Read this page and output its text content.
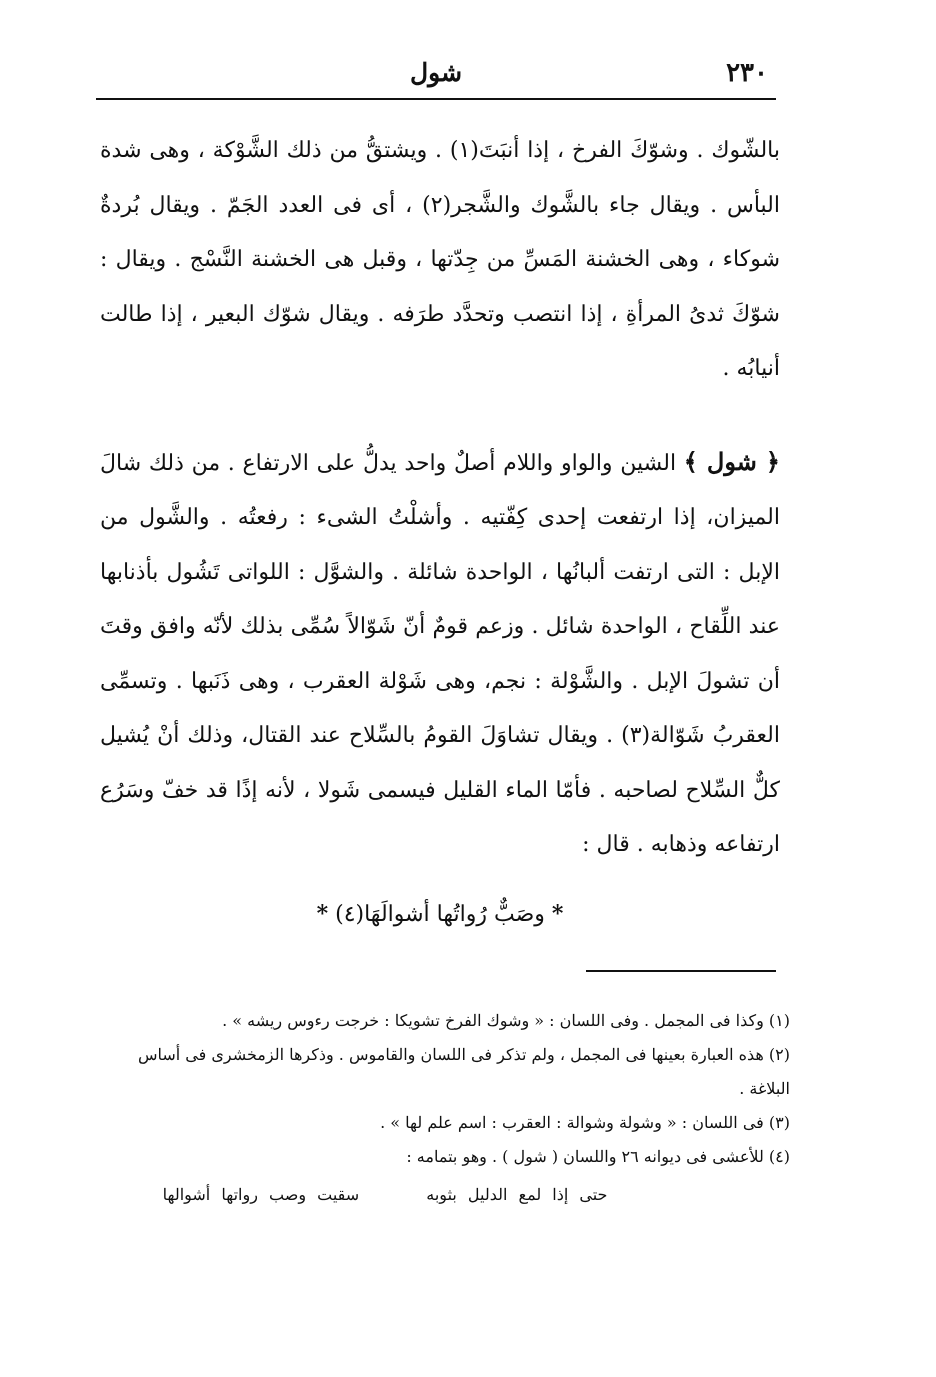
٢٣٠
شول

بالشّوك . وشوّكَ الفرخ ، إذا أنبَتَ(١) . ويشتقُّ من ذلك الشَّوْكة ، وهى شدة البأس . ويقال جاء بالشَّوك والشَّجر(٢) ، أى فى العدد الجَمّ . ويقال بُردةٌ شوكاء ، وهى الخشنة المَسِّ من جِدّتها ، وقبل هى الخشنة النَّسْج . ويقال : شوّكَ ثدىُ المرأةِ ، إذا انتصب وتحدَّد طرَفه . ويقال شوّك البعير ، إذا طالت أنيابُه .

﴿ شول ﴾ الشين والواو واللام أصلٌ واحد يدلُّ على الارتفاع . من ذلك شالَ الميزان، إذا ارتفعت إحدى كِفّتيه . وأشلْتُ الشىء : رفعتُه . والشَّول من الإبل : التى ارتفت ألبانُها ، الواحدة شائلة . والشوَّل : اللواتى تَشُول بأذنابها عند اللِّقاح ، الواحدة شائل . وزعم قومٌ أنّ شَوّالاً سُمِّى بذلك لأنّه وافق وقتَ أن تشولَ الإبل . والشَّوْلة : نجم، وهى شَوْلة العقرب ، وهى ذَنَبها . وتسمِّى العقربُ شَوّالة(٣) . ويقال تشاوَلَ القومُ بالسِّلاح عند القتال، وذلك أنْ يُشيل كلٌّ السِّلاح لصاحبه . فأمّا الماء القليل فيسمى شَولا ، لأنه إذًا قد خفّ وسَرُع ارتفاعه وذهابه . قال :

* وصَبٌّ رُواتُها أشوالَهَا(٤) *

(١) وكذا فى المجمل . وفى اللسان : « وشوك الفرخ تشويكا : خرجت رءوس ريشه » .

(٢) هذه العبارة بعينها فى المجمل ، ولم تذكر فى اللسان والقاموس . وذكرها الزمخشرى فى أساس البلاغة .

(٣) فى اللسان : « وشولة وشوالة : العقرب : اسم علم لها » .

(٤) للأعشى فى ديوانه ٢٦ واللسان ( شول ) . وهو بتمامه :

حتى إذا لمع الدليل بثوبه سقيت وصب رواتها أشوالها
